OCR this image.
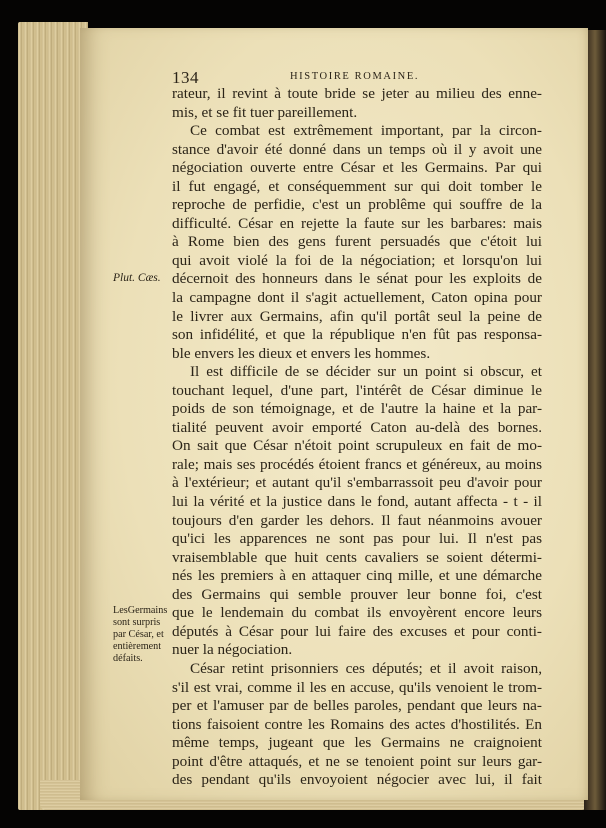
134	HISTOIRE ROMAINE.
Plut. Cæs.
LesGermains
sont surpris
par César, et
entièrement
défaits.
rateur, il revint à toute bride se jeter au milieu des enne-
mis, et se fit tuer pareillement.
Ce combat est extrêmement important, par la circon-
stance d'avoir été donné dans un temps où il y avoit une
négociation ouverte entre César et les Germains. Par qui
il fut engagé, et conséquemment sur qui doit tomber le
reproche de perfidie, c'est un problême qui souffre de la
difficulté. César en rejette la faute sur les barbares: mais
à Rome bien des gens furent persuadés que c'étoit lui
qui avoit violé la foi de la négociation; et lorsqu'on lui
décernoit des honneurs dans le sénat pour les exploits de
la campagne dont il s'agit actuellement, Caton opina pour
le livrer aux Germains, afin qu'il portât seul la peine de
son infidélité, et que la république n'en fût pas responsa-
ble envers les dieux et envers les hommes.
Il est difficile de se décider sur un point si obscur, et
touchant lequel, d'une part, l'intérêt de César diminue le
poids de son témoignage, et de l'autre la haine et la par-
tialité peuvent avoir emporté Caton au-delà des bornes.
On sait que César n'étoit point scrupuleux en fait de mo-
rale; mais ses procédés étoient francs et généreux, au moins
à l'extérieur; et autant qu'il s'embarrassoit peu d'avoir pour
lui la vérité et la justice dans le fond, autant affecta - t - il
toujours d'en garder les dehors. Il faut néanmoins avouer
qu'ici les apparences ne sont pas pour lui. Il n'est pas
vraisemblable que huit cents cavaliers se soient détermi-
nés les premiers à en attaquer cinq mille, et une démarche
des Germains qui semble prouver leur bonne foi, c'est
que le lendemain du combat ils envoyèrent encore leurs
députés à César pour lui faire des excuses et pour conti-
nuer la négociation.
César retint prisonniers ces députés; et il avoit raison,
s'il est vrai, comme il les en accuse, qu'ils venoient le trom-
per et l'amuser par de belles paroles, pendant que leurs na-
tions faisoient contre les Romains des actes d'hostilités. En
même temps, jugeant que les Germains ne craignoient
point d'être attaqués, et ne se tenoient point sur leurs gar-
des pendant qu'ils envoyoient négocier avec lui, il fait
